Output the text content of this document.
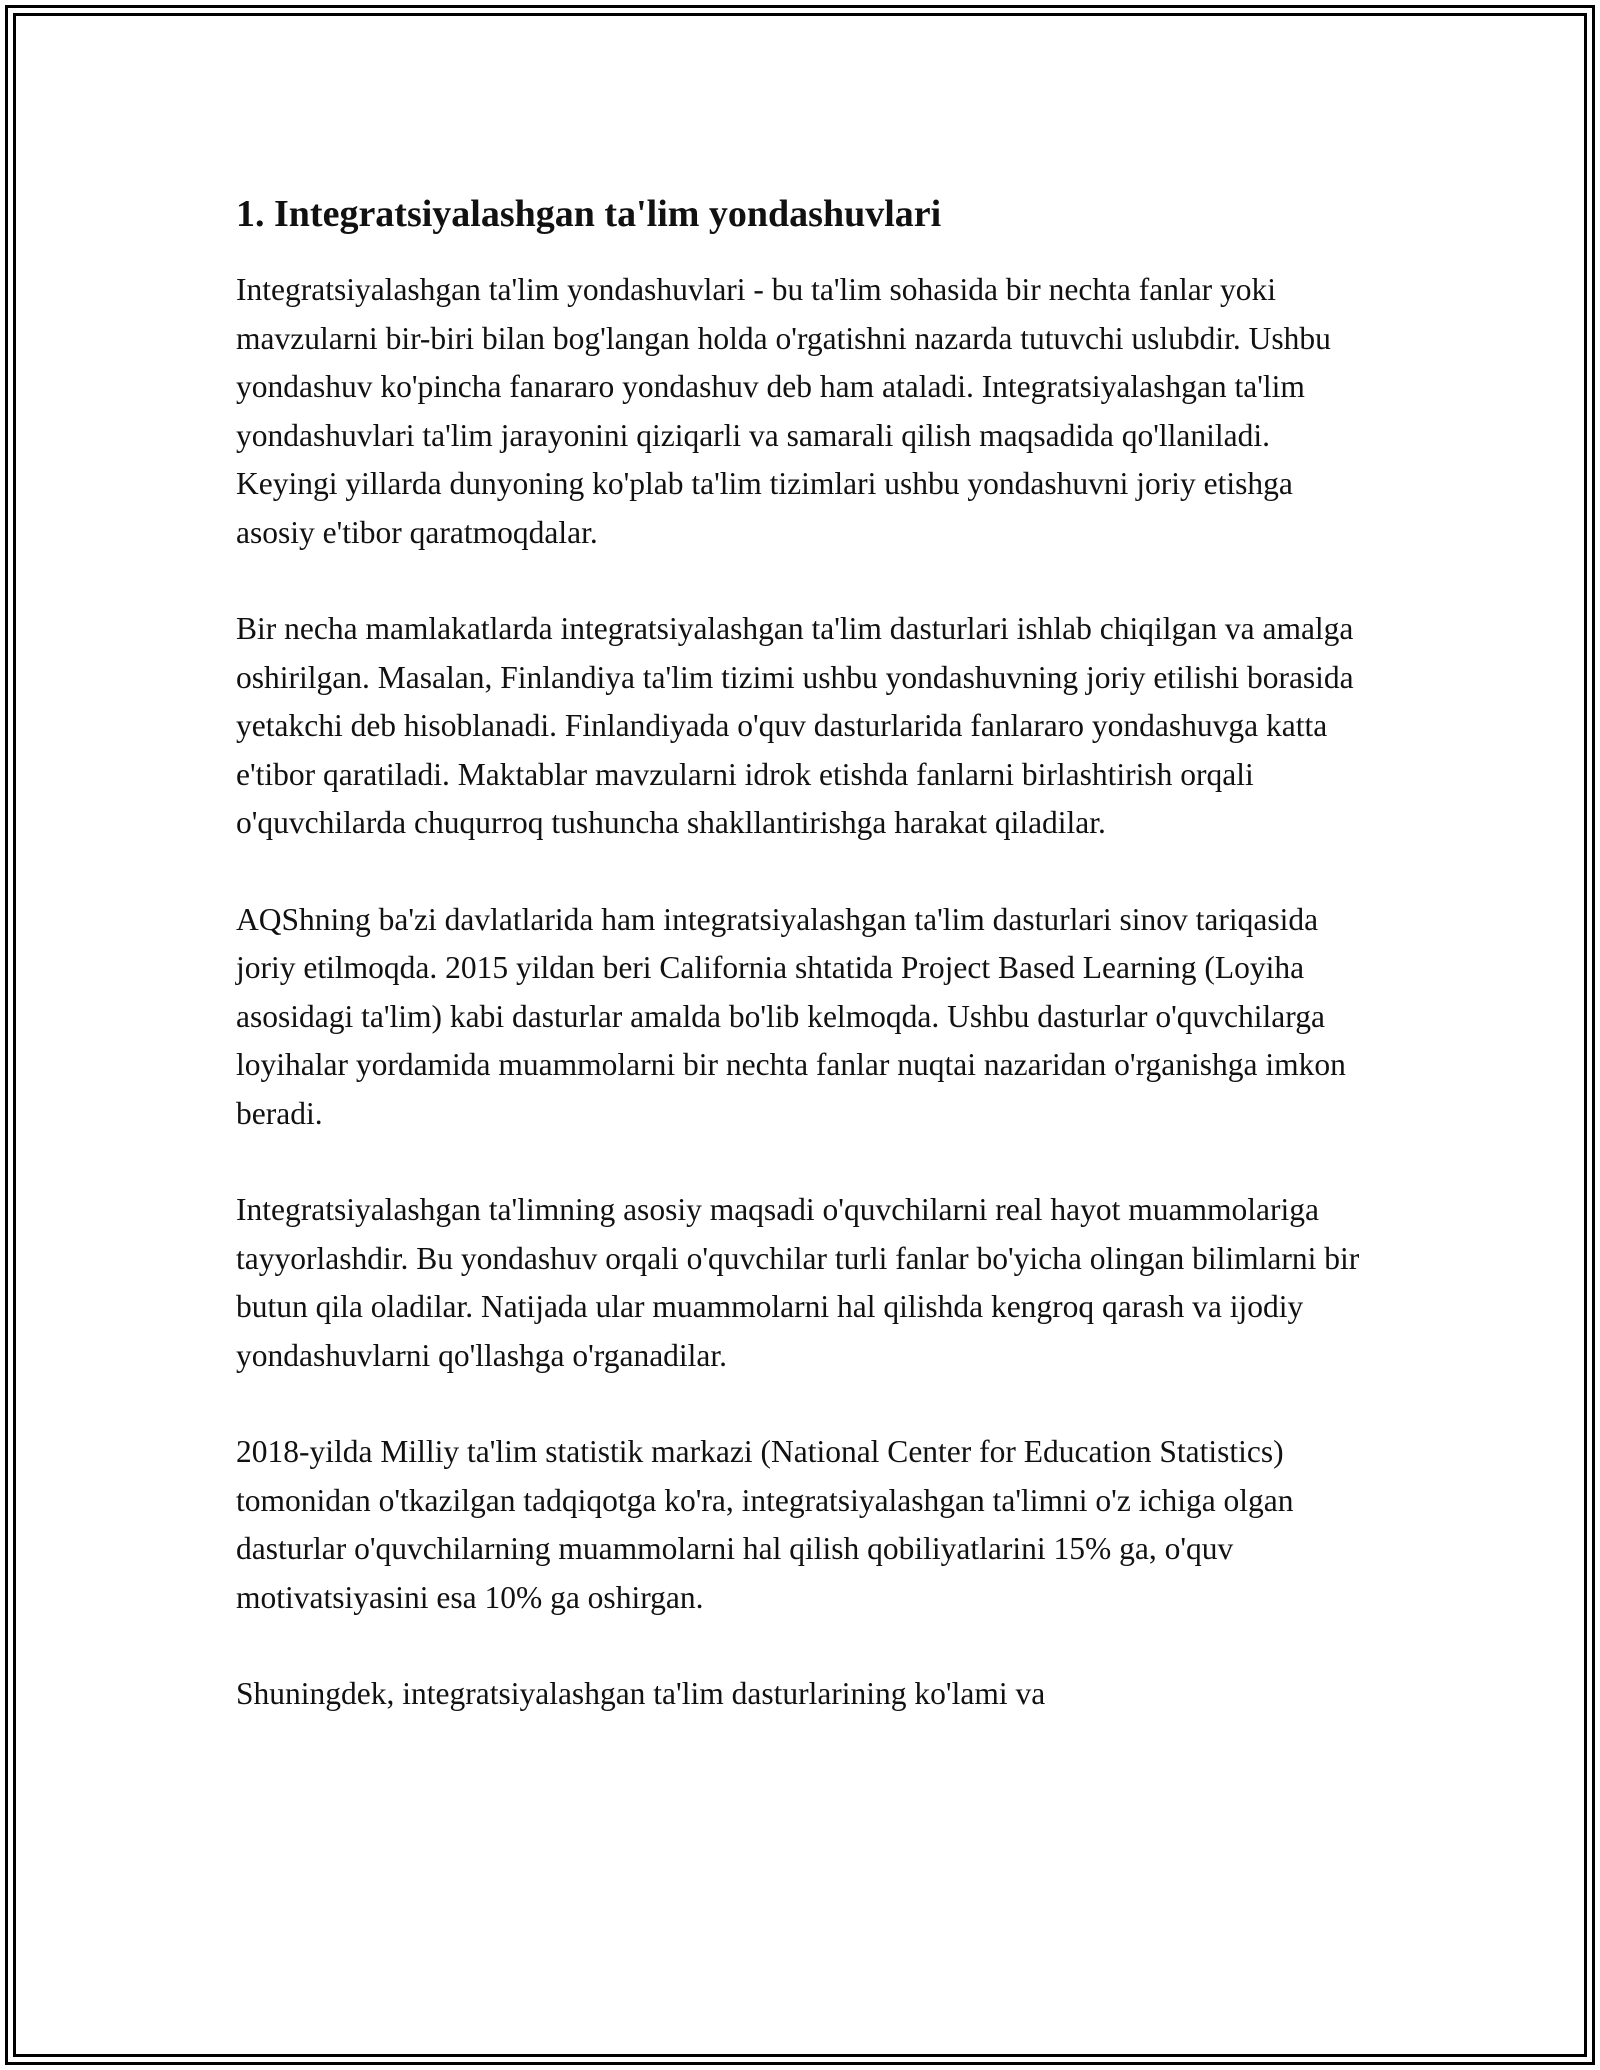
1. Integratsiyalashgan ta'lim yondashuvlari

Integratsiyalashgan ta'lim yondashuvlari - bu ta'lim sohasida bir nechta fanlar yoki mavzularni bir-biri bilan bog'langan holda o'rgatishni nazarda tutuvchi uslubdir. Ushbu yondashuv ko'pincha fanararo yondashuv deb ham ataladi. Integratsiyalashgan ta'lim yondashuvlari ta'lim jarayonini qiziqarli va samarali qilish maqsadida qo'llaniladi. Keyingi yillarda dunyoning ko'plab ta'lim tizimlari ushbu yondashuvni joriy etishga asosiy e'tibor qaratmoqdalar.

Bir necha mamlakatlarda integratsiyalashgan ta'lim dasturlari ishlab chiqilgan va amalga oshirilgan. Masalan, Finlandiya ta'lim tizimi ushbu yondashuvning joriy etilishi borasida yetakchi deb hisoblanadi. Finlandiyada o'quv dasturlarida fanlararo yondashuvga katta e'tibor qaratiladi. Maktablar mavzularni idrok etishda fanlarni birlashtirish orqali o'quvchilarda chuqurroq tushuncha shakllantirishga harakat qiladilar.

AQShning ba'zi davlatlarida ham integratsiyalashgan ta'lim dasturlari sinov tariqasida joriy etilmoqda. 2015 yildan beri California shtatida Project Based Learning (Loyiha asosidagi ta'lim) kabi dasturlar amalda bo'lib kelmoqda. Ushbu dasturlar o'quvchilarga loyihalar yordamida muammolarni bir nechta fanlar nuqtai nazaridan o'rganishga imkon beradi.

Integratsiyalashgan ta'limning asosiy maqsadi o'quvchilarni real hayot muammolariga tayyorlashdir. Bu yondashuv orqali o'quvchilar turli fanlar bo'yicha olingan bilimlarni bir butun qila oladilar. Natijada ular muammolarni hal qilishda kengroq qarash va ijodiy yondashuvlarni qo'llashga o'rganadilar.

2018-yilda Milliy ta'lim statistik markazi (National Center for Education Statistics) tomonidan o'tkazilgan tadqiqotga ko'ra, integratsiyalashgan ta'limni o'z ichiga olgan dasturlar o'quvchilarning muammolarni hal qilish qobiliyatlarini 15% ga, o'quv motivatsiyasini esa 10% ga oshirgan.

Shuningdek, integratsiyalashgan ta'lim dasturlarining ko'lami va
